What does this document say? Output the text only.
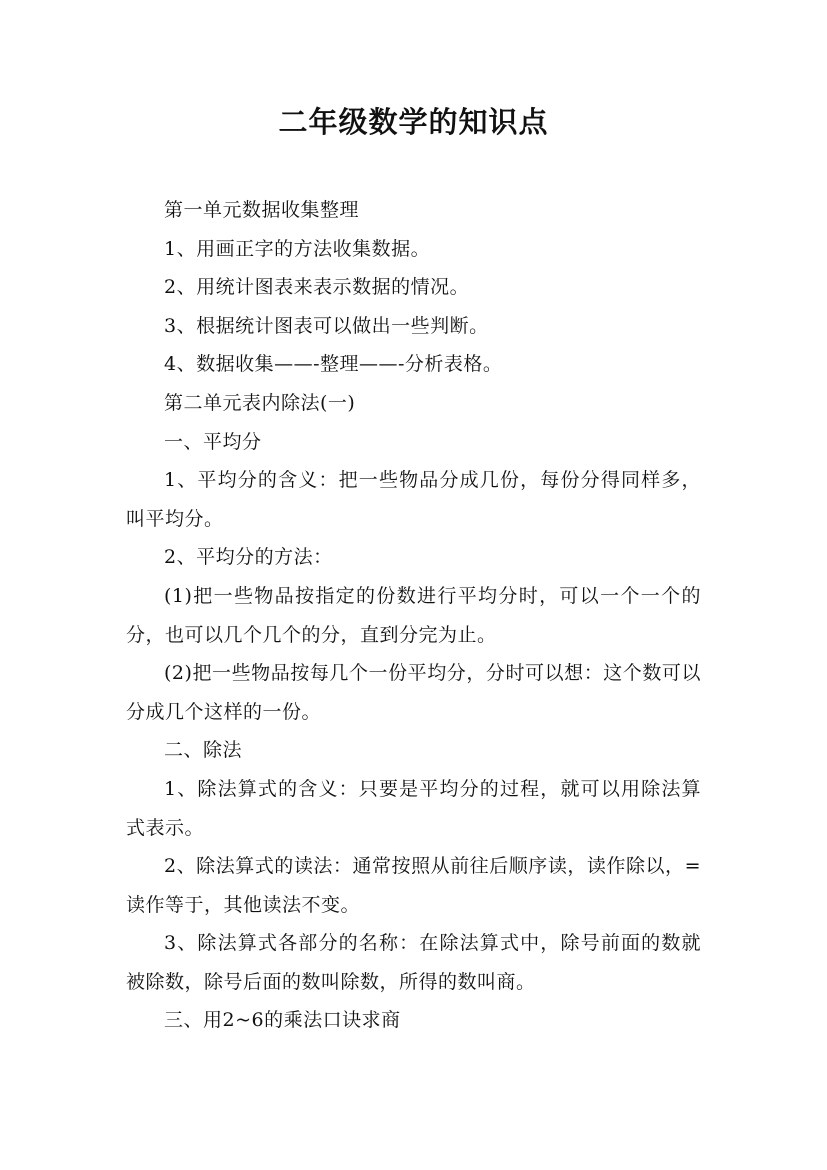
二年级数学的知识点

第一单元数据收集整理

1、用画正字的方法收集数据。

2、用统计图表来表示数据的情况。

3、根据统计图表可以做出一些判断。

4、数据收集——-整理——-分析表格。

第二单元表内除法(一)

一、平均分

1、平均分的含义：把一些物品分成几份，每份分得同样多，叫平均分。

2、平均分的方法：

(1)把一些物品按指定的份数进行平均分时，可以一个一个的分，也可以几个几个的分，直到分完为止。

(2)把一些物品按每几个一份平均分，分时可以想：这个数可以分成几个这样的一份。

二、除法

1、除法算式的含义：只要是平均分的过程，就可以用除法算式表示。

2、除法算式的读法：通常按照从前往后顺序读，读作除以，=读作等于，其他读法不变。

3、除法算式各部分的名称：在除法算式中，除号前面的数就被除数，除号后面的数叫除数，所得的数叫商。

三、用2~6的乘法口诀求商
